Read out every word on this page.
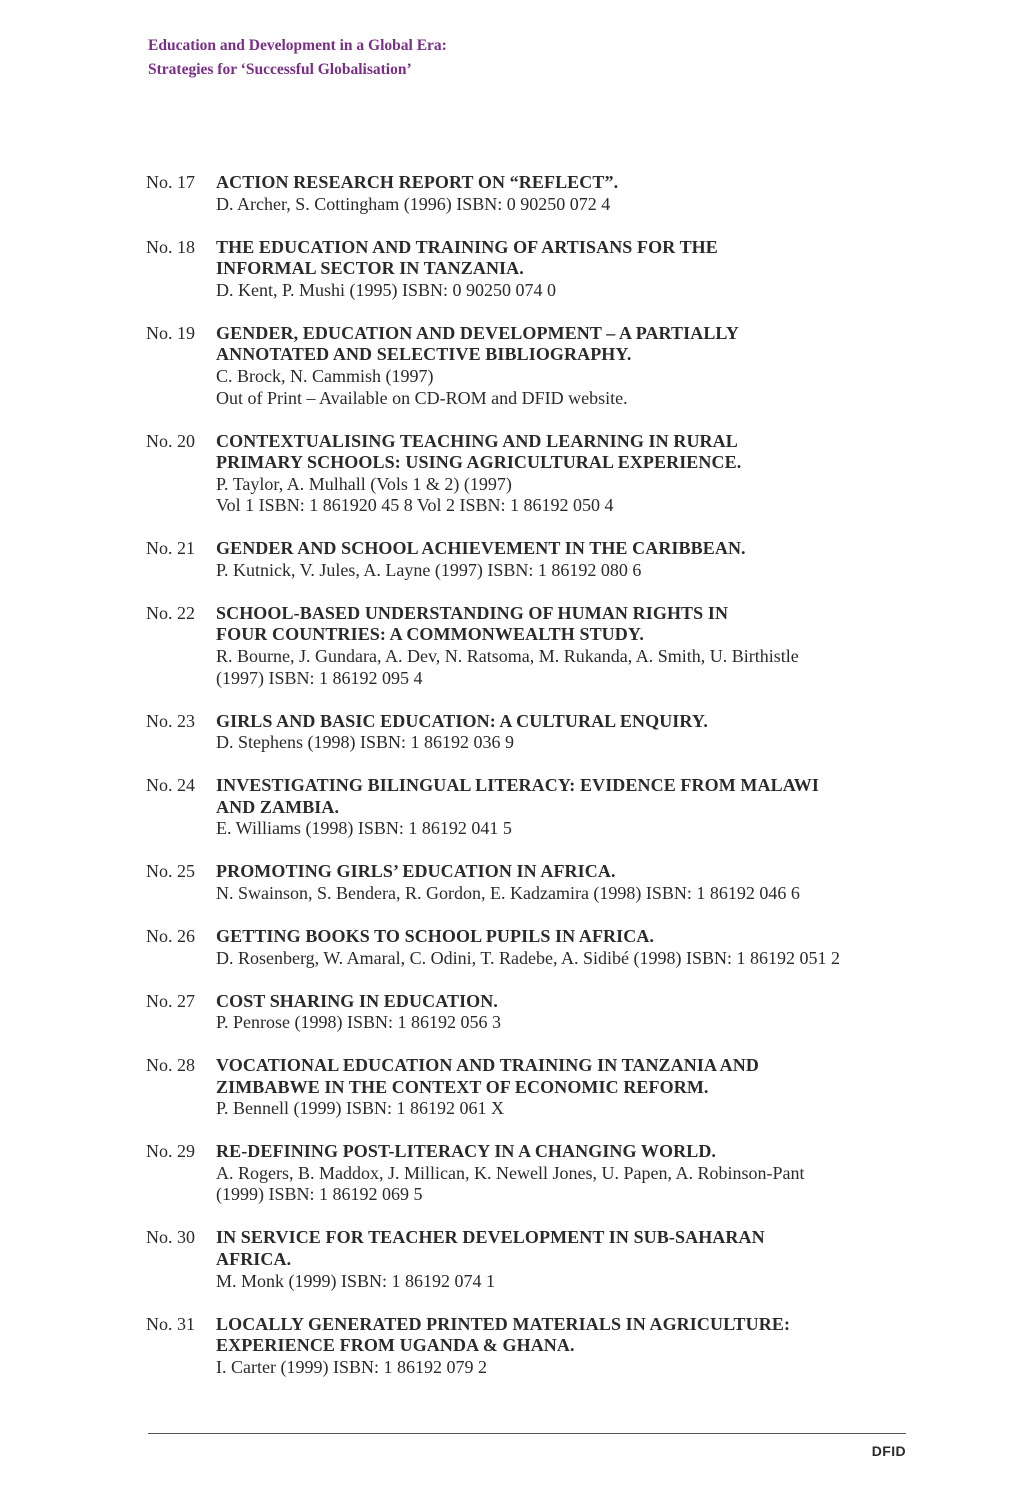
Education and Development in a Global Era:
Strategies for ‘Successful Globalisation’
No. 17	ACTION RESEARCH REPORT ON “REFLECT”.
D. Archer, S. Cottingham (1996) ISBN: 0 90250 072 4
No. 18	THE EDUCATION AND TRAINING OF ARTISANS FOR THE
INFORMAL SECTOR IN TANZANIA.
D. Kent, P. Mushi (1995) ISBN: 0 90250 074 0
No. 19	GENDER, EDUCATION AND DEVELOPMENT – A PARTIALLY
ANNOTATED AND SELECTIVE BIBLIOGRAPHY.
C. Brock, N. Cammish (1997)
Out of Print – Available on CD-ROM and DFID website.
No. 20	CONTEXTUALISING TEACHING AND LEARNING IN RURAL
PRIMARY SCHOOLS: USING AGRICULTURAL EXPERIENCE.
P. Taylor, A. Mulhall (Vols 1 & 2) (1997)
Vol 1 ISBN: 1 861920 45 8 Vol 2 ISBN: 1 86192 050 4
No. 21	GENDER AND SCHOOL ACHIEVEMENT IN THE CARIBBEAN.
P. Kutnick, V. Jules, A. Layne (1997) ISBN: 1 86192 080 6
No. 22	SCHOOL-BASED UNDERSTANDING OF HUMAN RIGHTS IN
FOUR COUNTRIES: A COMMONWEALTH STUDY.
R. Bourne, J. Gundara, A. Dev, N. Ratsoma, M. Rukanda, A. Smith, U. Birthistle
(1997) ISBN: 1 86192 095 4
No. 23	GIRLS AND BASIC EDUCATION: A CULTURAL ENQUIRY.
D. Stephens (1998) ISBN: 1 86192 036 9
No. 24	INVESTIGATING BILINGUAL LITERACY: EVIDENCE FROM MALAWI
AND ZAMBIA.
E. Williams (1998) ISBN: 1 86192 041 5
No. 25	PROMOTING GIRLS’ EDUCATION IN AFRICA.
N. Swainson, S. Bendera, R. Gordon, E. Kadzamira (1998) ISBN: 1 86192 046 6
No. 26	GETTING BOOKS TO SCHOOL PUPILS IN AFRICA.
D. Rosenberg, W. Amaral, C. Odini, T. Radebe, A. Sidibé (1998) ISBN: 1 86192 051 2
No. 27	COST SHARING IN EDUCATION.
P. Penrose (1998) ISBN: 1 86192 056 3
No. 28	VOCATIONAL EDUCATION AND TRAINING IN TANZANIA AND
ZIMBABWE IN THE CONTEXT OF ECONOMIC REFORM.
P. Bennell (1999) ISBN: 1 86192 061 X
No. 29	RE-DEFINING POST-LITERACY IN A CHANGING WORLD.
A. Rogers, B. Maddox, J. Millican, K. Newell Jones, U. Papen, A. Robinson-Pant
(1999) ISBN: 1 86192 069 5
No. 30	IN SERVICE FOR TEACHER DEVELOPMENT IN SUB-SAHARAN
AFRICA.
M. Monk (1999) ISBN: 1 86192 074 1
No. 31	LOCALLY GENERATED PRINTED MATERIALS IN AGRICULTURE:
EXPERIENCE FROM UGANDA & GHANA.
I. Carter (1999) ISBN: 1 86192 079 2
DFID
